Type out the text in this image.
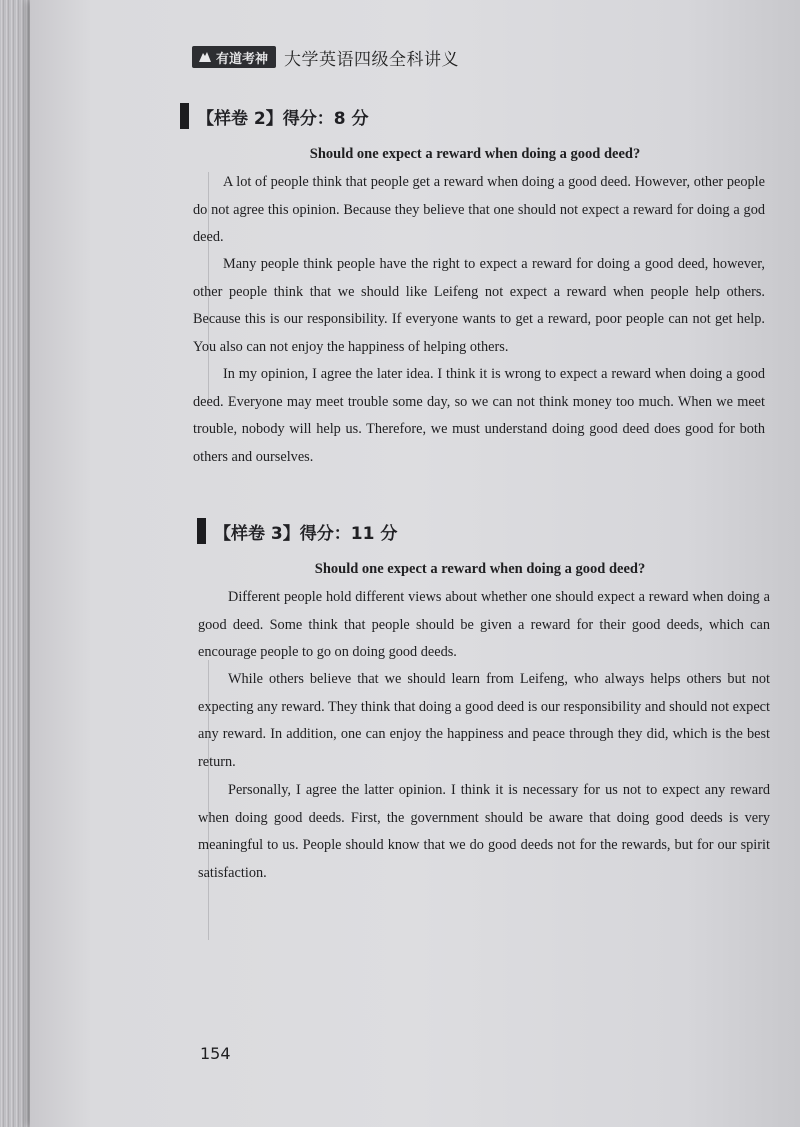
有道考神 大学英语四级全科讲义
【样卷 2】得分：8 分
Should one expect a reward when doing a good deed?

A lot of people think that people get a reward when doing a good deed. However, other people do not agree this opinion. Because they believe that one should not expect a reward for doing a god deed.

Many people think people have the right to expect a reward for doing a good deed, however, other people think that we should like Leifeng not expect a reward when people help others. Because this is our responsibility. If everyone wants to get a reward, poor people can not get help. You also can not enjoy the happiness of helping others.

In my opinion, I agree the later idea. I think it is wrong to expect a reward when doing a good deed. Everyone may meet trouble some day, so we can not think money too much. When we meet trouble, nobody will help us. Therefore, we must understand doing good deed does good for both others and ourselves.

【样卷 3】得分：11 分
Should one expect a reward when doing a good deed?

Different people hold different views about whether one should expect a reward when doing a good deed. Some think that people should be given a reward for their good deeds, which can encourage people to go on doing good deeds.

While others believe that we should learn from Leifeng, who always helps others but not expecting any reward. They think that doing a good deed is our responsibility and should not expect any reward. In addition, one can enjoy the happiness and peace through they did, which is the best return.

Personally, I agree the latter opinion. I think it is necessary for us not to expect any reward when doing good deeds. First, the government should be aware that doing good deeds is very meaningful to us. People should know that we do good deeds not for the rewards, but for our spirit satisfaction.

154
